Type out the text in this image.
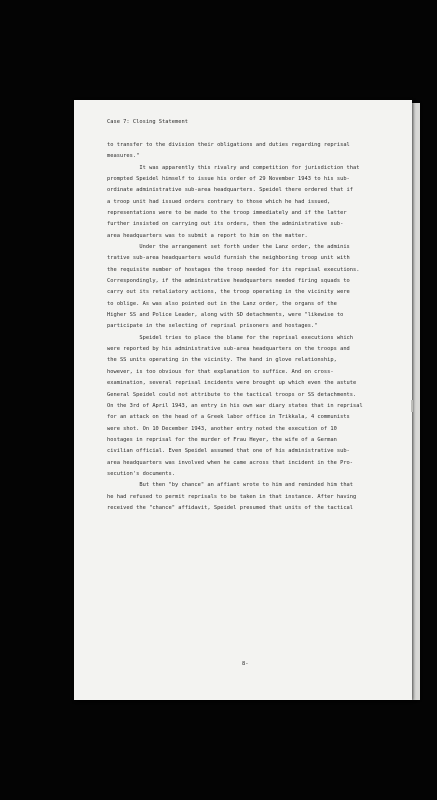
Case 7: Closing Statement
to transfer to the division their obligations and duties regarding reprisal
measures."
It was apparently this rivalry and competition for jurisdiction that
prompted Speidel himself to issue his order of 29 November 1943 to his sub-
ordinate administrative sub-area headquarters. Speidel there ordered that if
a troop unit had issued orders contrary to those which he had issued,
representations were to be made to the troop immediately and if the latter
further insisted on carrying out its orders, then the administrative sub-
area headquarters was to submit a report to him on the matter.
Under the arrangement set forth under the Lanz order, the adminis
trative sub-area headquarters would furnish the neighboring troop unit with
the requisite number of hostages the troop needed for its reprisal executions.
Correspondingly, if the administrative headquarters needed firing squads to
carry out its retaliatory actions, the troop operating in the vicinity were
to oblige. As was also pointed out in the Lanz order, the organs of the
Higher SS and Police Leader, along with SD detachments, were "likewise to
participate in the selecting of reprisal prisoners and hostages."
Speidel tries to place the blame for the reprisal executions which
were reported by his administrative sub-area headquarters on the troops and
the SS units operating in the vicinity. The hand in glove relationship,
however, is too obvious for that explanation to suffice. And on cross-
examination, several reprisal incidents were brought up which even the astute
General Speidel could not attribute to the tactical troops or SS detachments.
On the 3rd of April 1943, an entry in his own war diary states that in reprisal
for an attack on the head of a Greek labor office in Trikkala, 4 communists
were shot. On 10 December 1943, another entry noted the execution of 10
hostages in reprisal for the murder of Frau Heyer, the wife of a German
civilian official. Even Speidel assumed that one of his administrative sub-
area headquarters was involved when he came across that incident in the Pro-
secution's documents.
But then "by chance" an affiant wrote to him and reminded him that
he had refused to permit reprisals to be taken in that instance. After having
received the "chance" affidavit, Speidel presumed that units of the tactical
8-
